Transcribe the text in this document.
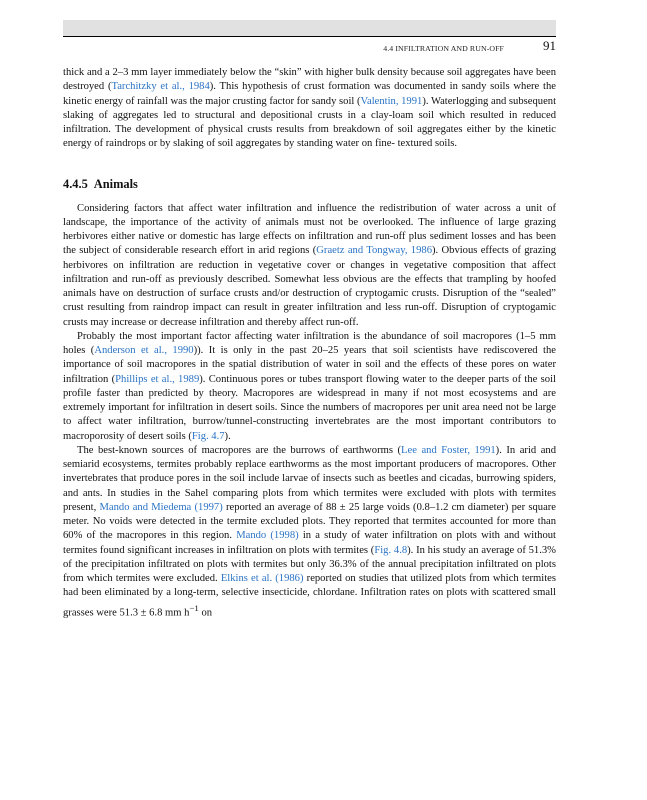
4.4 INFILTRATION AND RUN-OFF	91

thick and a 2–3 mm layer immediately below the “skin” with higher bulk density because soil aggregates have been destroyed (Tarchitzky et al., 1984). This hypothesis of crust formation was documented in sandy soils where the kinetic energy of rainfall was the major crusting factor for sandy soil (Valentin, 1991). Waterlogging and subsequent slaking of aggregates led to structural and depositional crusts in a clay-loam soil which resulted in reduced infiltration. The development of physical crusts results from breakdown of soil aggregates either by the kinetic energy of raindrops or by slaking of soil aggregates by standing water on fine- textured soils.

4.4.5 Animals

Considering factors that affect water infiltration and influence the redistribution of water across a unit of landscape, the importance of the activity of animals must not be overlooked. The influence of large grazing herbivores either native or domestic has large effects on infiltration and run-off plus sediment losses and has been the subject of considerable research effort in arid regions (Graetz and Tongway, 1986). Obvious effects of grazing herbivores on infiltration are reduction in vegetative cover or changes in vegetative composition that affect infiltration and run-off as previously described. Somewhat less obvious are the effects that trampling by hoofed animals have on destruction of surface crusts and/or destruction of cryptogamic crusts. Disruption of the “sealed” crust resulting from raindrop impact can result in greater infiltration and less run-off. Disruption of cryptogamic crusts may increase or decrease infiltration and thereby affect run-off.

Probably the most important factor affecting water infiltration is the abundance of soil macropores (1–5 mm holes (Anderson et al., 1990)). It is only in the past 20–25 years that soil scientists have rediscovered the importance of soil macropores in the spatial distribution of water in soil and the effects of these pores on water infiltration (Phillips et al., 1989). Continuous pores or tubes transport flowing water to the deeper parts of the soil profile faster than predicted by theory. Macropores are widespread in many if not most ecosystems and are extremely important for infiltration in desert soils. Since the numbers of macropores per unit area need not be large to affect water infiltration, burrow/tunnel-constructing invertebrates are the most important contributors to macroporosity of desert soils (Fig. 4.7).

The best-known sources of macropores are the burrows of earthworms (Lee and Foster, 1991). In arid and semiarid ecosystems, termites probably replace earthworms as the most important producers of macropores. Other invertebrates that produce pores in the soil include larvae of insects such as beetles and cicadas, burrowing spiders, and ants. In studies in the Sahel comparing plots from which termites were excluded with plots with termites present, Mando and Miedema (1997) reported an average of 88 ± 25 large voids (0.8–1.2 cm diameter) per square meter. No voids were detected in the termite excluded plots. They reported that termites accounted for more than 60% of the macropores in this region. Mando (1998) in a study of water infiltration on plots with and without termites found significant increases in infiltration on plots with termites (Fig. 4.8). In his study an average of 51.3% of the precipitation infiltrated on plots with termites but only 36.3% of the annual precipitation infiltrated on plots from which termites were excluded. Elkins et al. (1986) reported on studies that utilized plots from which termites had been eliminated by a long-term, selective insecticide, chlordane. Infiltration rates on plots with scattered small grasses were 51.3 ± 6.8 mm $h^{-1}$ on
